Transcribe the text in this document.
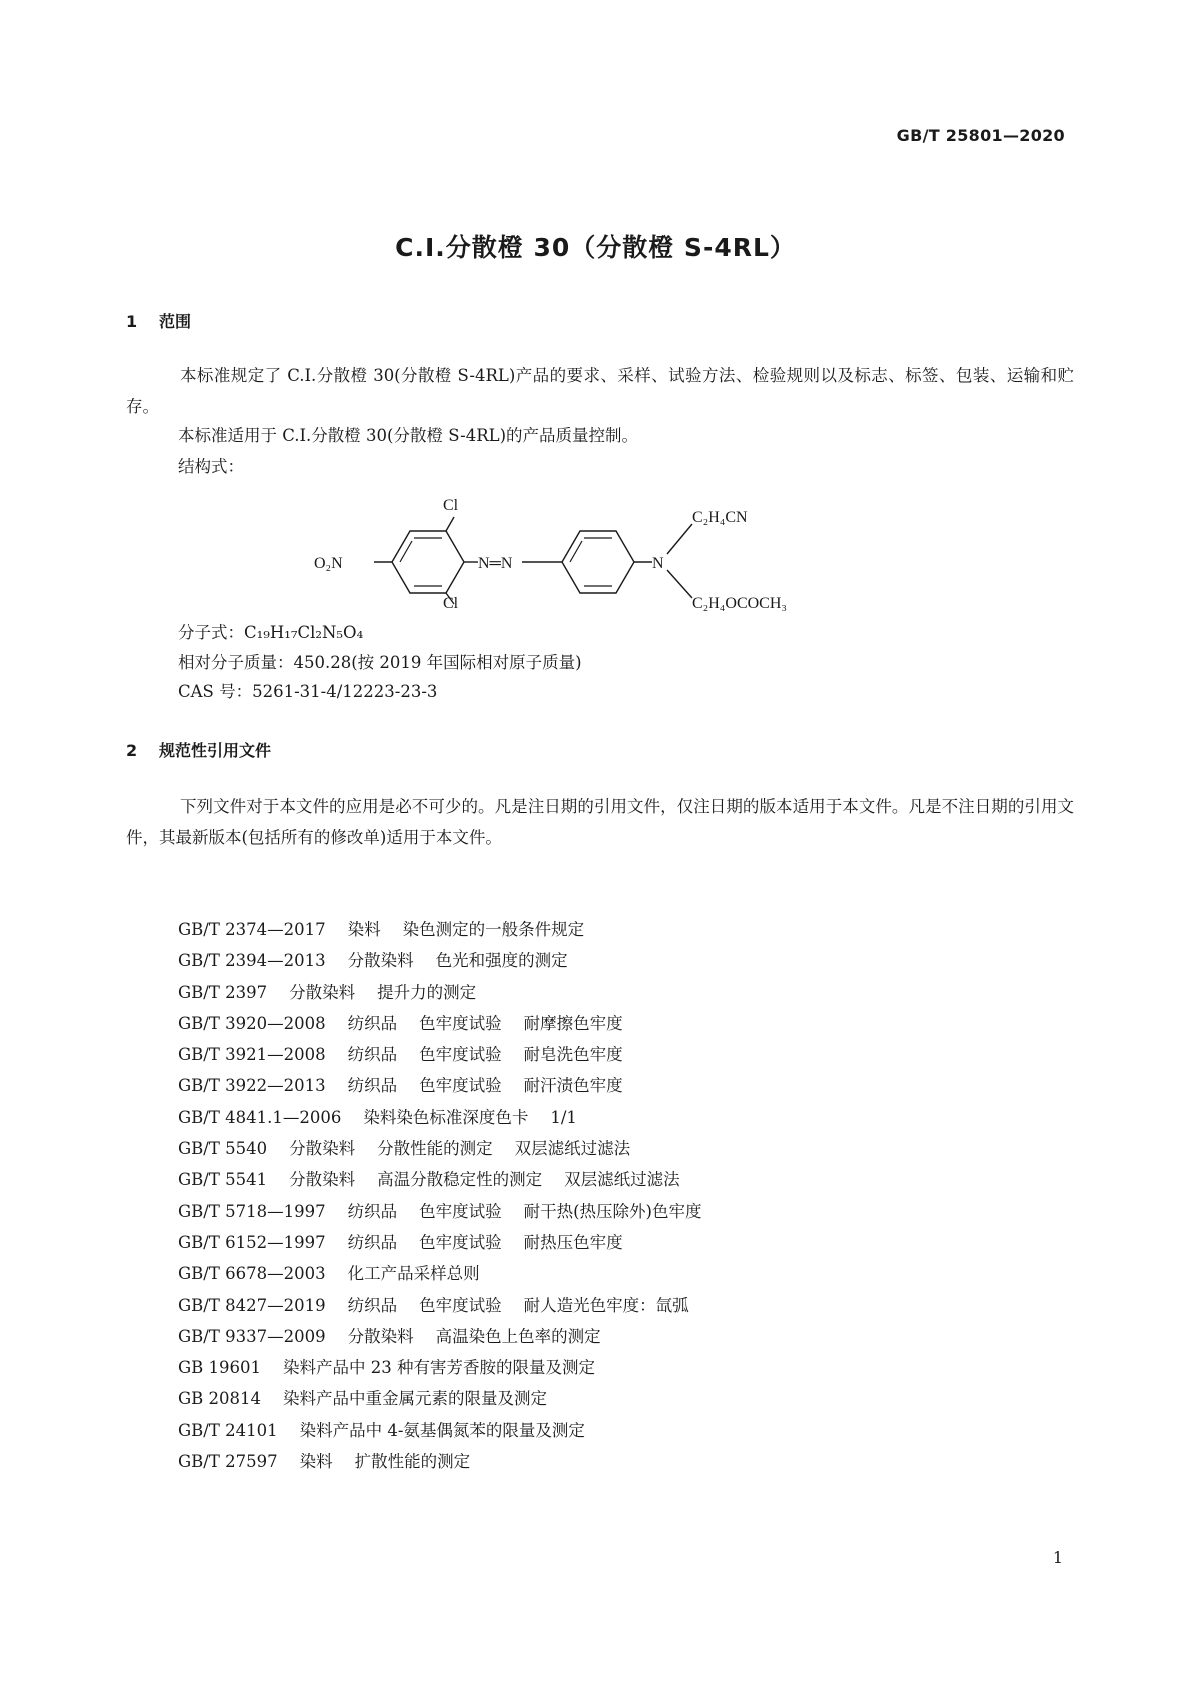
GB/T 25801—2020
C.I.分散橙 30（分散橙 S-4RL）
1 范围

本标准规定了 C.I.分散橙 30(分散橙 S-4RL)产品的要求、采样、试验方法、检验规则以及标志、标签、包装、运输和贮存。

本标准适用于 C.I.分散橙 30(分散橙 S-4RL)的产品质量控制。

结构式：

O₂N
Cl
Cl
N═N	N
C₂H₄CN
C₂H₄OCOCH₃

分子式：C₁₉H₁₇Cl₂N₅O₄

相对分子质量：450.28(按 2019 年国际相对原子质量)

CAS 号：5261-31-4/12223-23-3

2 规范性引用文件

下列文件对于本文件的应用是必不可少的。凡是注日期的引用文件，仅注日期的版本适用于本文件。凡是不注日期的引用文件，其最新版本(包括所有的修改单)适用于本文件。

GB/T 2374—2017 染料 染色测定的一般条件规定
GB/T 2394—2013 分散染料 色光和强度的测定
GB/T 2397 分散染料 提升力的测定
GB/T 3920—2008 纺织品 色牢度试验 耐摩擦色牢度
GB/T 3921—2008 纺织品 色牢度试验 耐皂洗色牢度
GB/T 3922—2013 纺织品 色牢度试验 耐汗渍色牢度
GB/T 4841.1—2006 染料染色标准深度色卡 1/1
GB/T 5540 分散染料 分散性能的测定 双层滤纸过滤法
GB/T 5541 分散染料 高温分散稳定性的测定 双层滤纸过滤法
GB/T 5718—1997 纺织品 色牢度试验 耐干热(热压除外)色牢度
GB/T 6152—1997 纺织品 色牢度试验 耐热压色牢度
GB/T 6678—2003 化工产品采样总则
GB/T 8427—2019 纺织品 色牢度试验 耐人造光色牢度：氙弧
GB/T 9337—2009 分散染料 高温染色上色率的测定
GB 19601 染料产品中 23 种有害芳香胺的限量及测定
GB 20814 染料产品中重金属元素的限量及测定
GB/T 24101 染料产品中 4-氨基偶氮苯的限量及测定
GB/T 27597 染料 扩散性能的测定
1
